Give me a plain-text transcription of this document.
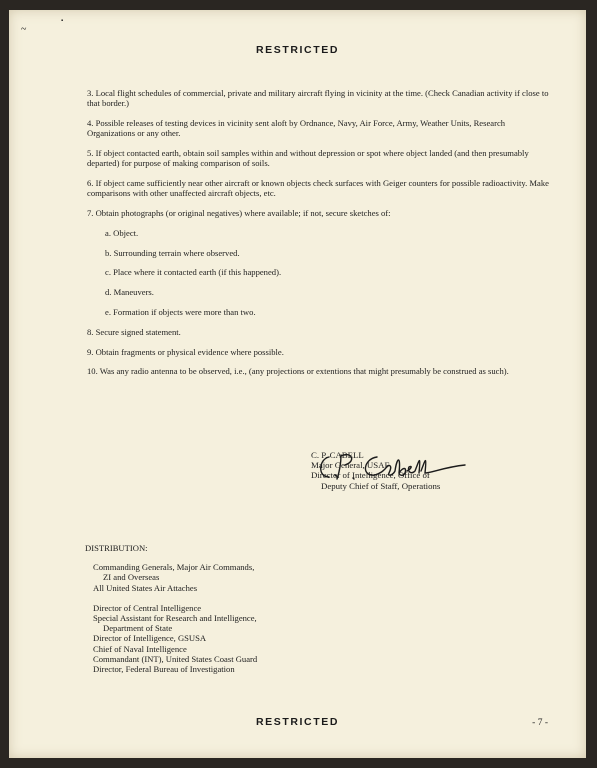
~
▪
RESTRICTED

3. Local flight schedules of commercial, private and military aircraft flying in vicinity at the time. (Check Canadian activity if close to that border.)

4. Possible releases of testing devices in vicinity sent aloft by Ordnance, Navy, Air Force, Army, Weather Units, Research Organizations or any other.

5. If object contacted earth, obtain soil samples within and without depression or spot where object landed (and then presumably departed) for purpose of making comparison of soils.

6. If object came sufficiently near other aircraft or known objects check surfaces with Geiger counters for possible radioactivity. Make comparisons with other unaffected aircraft objects, etc.

7. Obtain photographs (or original negatives) where available; if not, secure sketches of:

a. Object.

b. Surrounding terrain where observed.

c. Place where it contacted earth (if this happened).

d. Maneuvers.

e. Formation if objects were more than two.

8. Secure signed statement.

9. Obtain fragments or physical evidence where possible.

10. Was any radio antenna to be observed, i.e., (any projections or extentions that might presumably be construed as such).

C. P. CABELL
Major General, USAF
Director of Intelligence, Office of
Deputy Chief of Staff, Operations
DISTRIBUTION:
Commanding Generals, Major Air Commands,
ZI and Overseas
All United States Air Attaches
Director of Central Intelligence
Special Assistant for Research and Intelligence,
Department of State
Director of Intelligence, GSUSA
Chief of Naval Intelligence
Commandant (INT), United States Coast Guard
Director, Federal Bureau of Investigation
RESTRICTED	- 7 -
